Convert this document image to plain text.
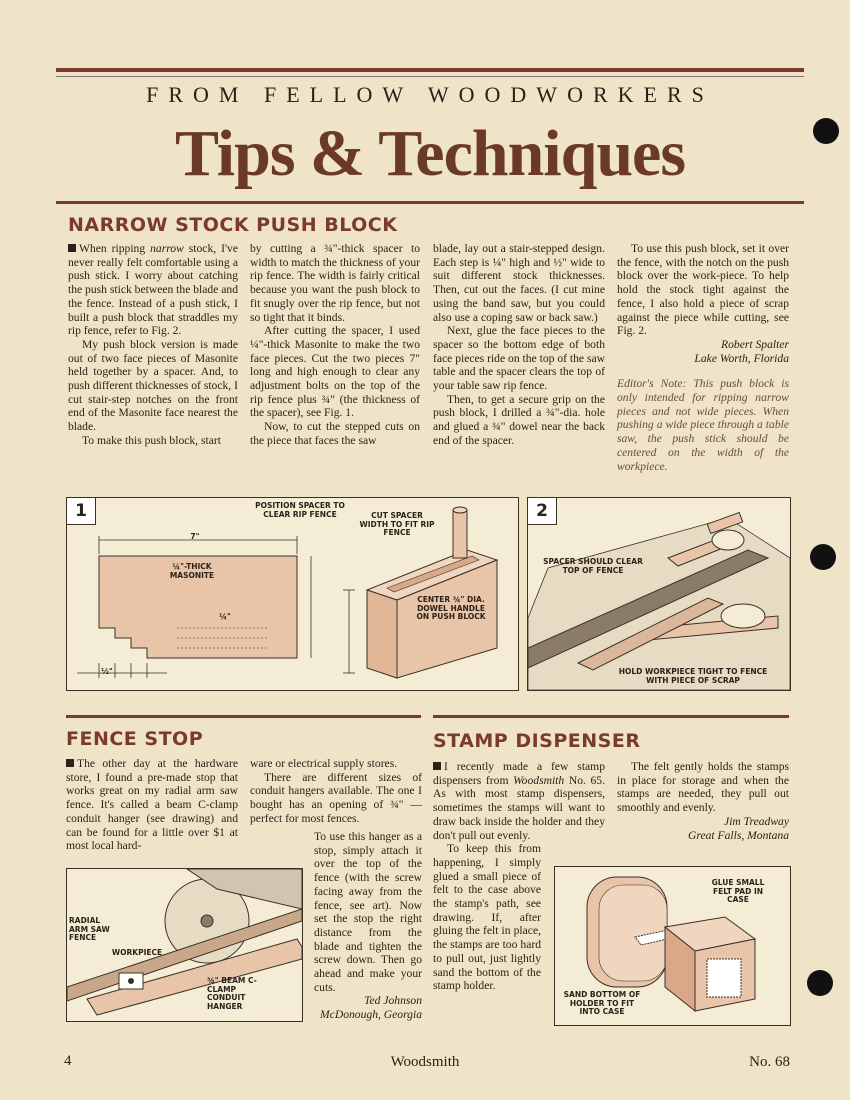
FROM FELLOW WOODWORKERS
Tips & Techniques
NARROW STOCK PUSH BLOCK

When ripping narrow stock, I've never really felt comfortable using a push stick. I worry about catching the push stick between the blade and the fence. Instead of a push stick, I built a push block that straddles my rip fence, refer to Fig. 2.

My push block version is made out of two face pieces of Masonite held together by a spacer. And, to push different thicknesses of stock, I cut stair-step notches on the front end of the Masonite face nearest the blade.

To make this push block, start

by cutting a ¾"-thick spacer to width to match the thickness of your rip fence. The width is fairly critical because you want the push block to fit snugly over the rip fence, but not so tight that it binds.

After cutting the spacer, I used ¼"-thick Masonite to make the two face pieces. Cut the two pieces 7" long and high enough to clear any adjustment bolts on the top of the rip fence plus ¾" (the thickness of the spacer), see Fig. 1.

Now, to cut the stepped cuts on the piece that faces the saw

blade, lay out a stair-stepped design. Each step is ¼" high and ½" wide to suit different stock thicknesses. Then, cut out the faces. (I cut mine using the band saw, but you could also use a coping saw or back saw.)

Next, glue the face pieces to the spacer so the bottom edge of both face pieces ride on the top of the saw table and the spacer clears the top of your table saw rip fence.

Then, to get a secure grip on the push block, I drilled a ¾"-dia. hole and glued a ¾" dowel near the back end of the spacer.

To use this push block, set it over the fence, with the notch on the push block over the work-piece. To help hold the stock tight against the fence, I also hold a piece of scrap against the piece while cutting, see Fig. 2.

Robert Spalter

Lake Worth, Florida

Editor's Note: This push block is only intended for ripping narrow pieces and not wide pieces. When pushing a wide piece through a table saw, the push stick should be centered on the width of the workpiece.

1	POSITION SPACER TO CLEAR RIP FENCE	CUT SPACER WIDTH TO FIT RIP FENCE
¼"-THICK MASONITE
7"
¼"
CENTER ¾" DIA. DOWEL HANDLE ON PUSH BLOCK
½"
2
SPACER SHOULD CLEAR TOP OF FENCE
HOLD WORKPIECE TIGHT TO FENCE WITH PIECE OF SCRAP
FENCE STOP

The other day at the hardware store, I found a pre-made stop that works great on my radial arm saw fence. It's called a beam C-clamp conduit hanger (see drawing) and can be found for a little over $1 at most local hard-

ware or electrical supply stores.

There are different sizes of conduit hangers available. The one I bought has an opening of ¾" — perfect for most fences.

To use this hanger as a stop, simply attach it over the top of the fence (with the screw facing away from the fence, see art). Now set the stop the right distance from the blade and tighten the screw down. Then go ahead and make your cuts.

Ted Johnson

McDonough, Georgia

RADIAL ARM SAW FENCE
WORKPIECE
¾" BEAM C-CLAMP CONDUIT HANGER
STAMP DISPENSER

I recently made a few stamp dispensers from Woodsmith No. 65. As with most stamp dispensers, sometimes the stamps will want to draw back inside the holder and they don't pull out evenly.

To keep this from happening, I simply glued a small piece of felt to the case above the stamp's path, see drawing. If, after gluing the felt in place, the stamps are too hard to pull out, just lightly sand the bottom of the stamp holder.

The felt gently holds the stamps in place for storage and when the stamps are needed, they pull out smoothly and evenly.

Jim Treadway

Great Falls, Montana

GLUE SMALL FELT PAD IN CASE
SAND BOTTOM OF HOLDER TO FIT INTO CASE
4	Woodsmith	No. 68
